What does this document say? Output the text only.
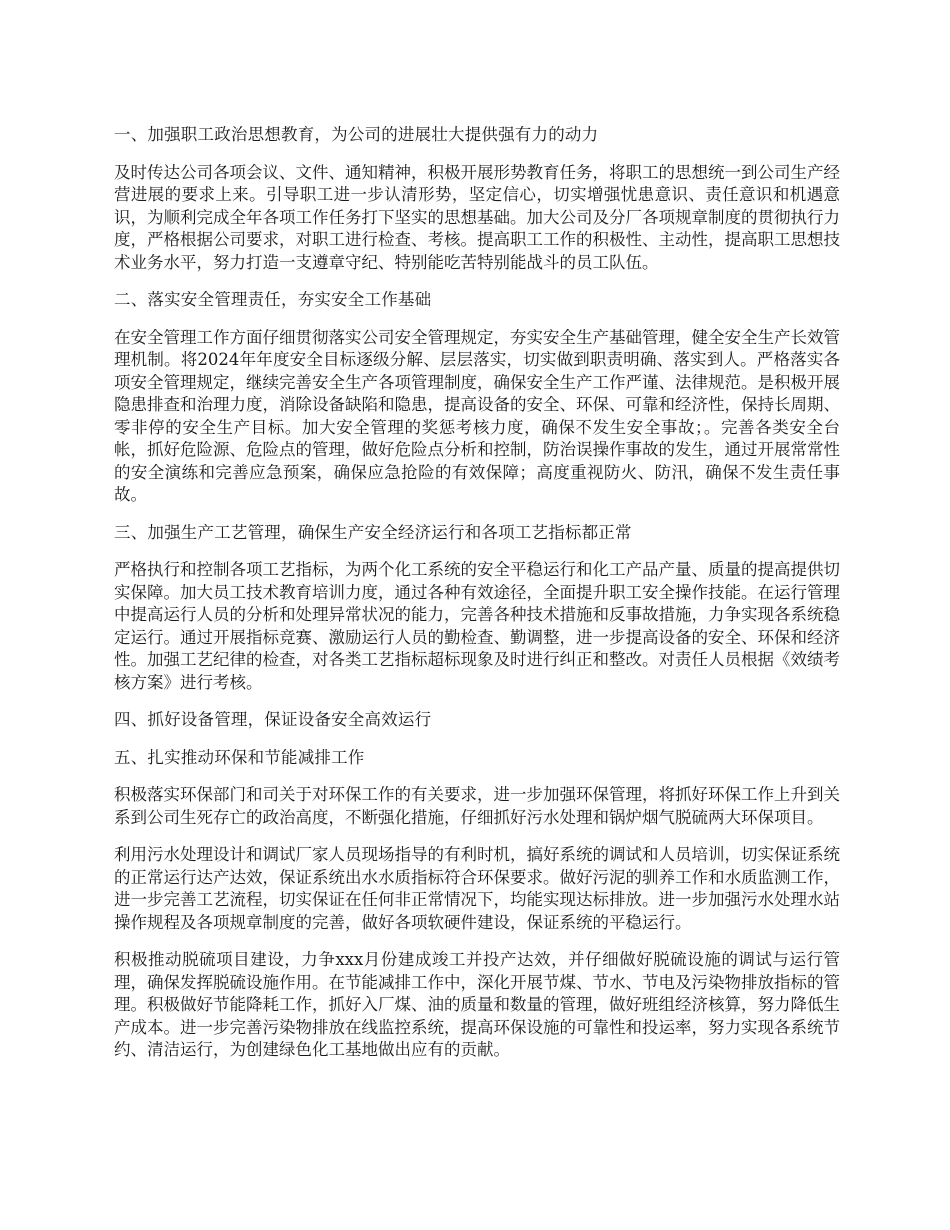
一、加强职工政治思想教育，为公司的进展壮大提供强有力的动力

及时传达公司各项会议、文件、通知精神，积极开展形势教育任务，将职工的思想统一到公司生产经营进展的要求上来。引导职工进一步认清形势，坚定信心，切实增强忧患意识、责任意识和机遇意识，为顺利完成全年各项工作任务打下坚实的思想基础。加大公司及分厂各项规章制度的贯彻执行力度，严格根据公司要求，对职工进行检查、考核。提高职工工作的积极性、主动性，提高职工思想技术业务水平，努力打造一支遵章守纪、特别能吃苦特别能战斗的员工队伍。

二、落实安全管理责任，夯实安全工作基础

在安全管理工作方面仔细贯彻落实公司安全管理规定，夯实安全生产基础管理，健全安全生产长效管理机制。将2024年年度安全目标逐级分解、层层落实，切实做到职责明确、落实到人。严格落实各项安全管理规定，继续完善安全生产各项管理制度，确保安全生产工作严谨、法律规范。是积极开展隐患排查和治理力度，消除设备缺陷和隐患，提高设备的安全、环保、可靠和经济性，保持长周期、零非停的安全生产目标。加大安全管理的奖惩考核力度，确保不发生安全事故；。完善各类安全台帐，抓好危险源、危险点的管理，做好危险点分析和控制，防治误操作事故的发生，通过开展常常性的安全演练和完善应急预案，确保应急抢险的有效保障；高度重视防火、防汛，确保不发生责任事故。

三、加强生产工艺管理，确保生产安全经济运行和各项工艺指标都正常

严格执行和控制各项工艺指标，为两个化工系统的安全平稳运行和化工产品产量、质量的提高提供切实保障。加大员工技术教育培训力度，通过各种有效途径，全面提升职工安全操作技能。在运行管理中提高运行人员的分析和处理异常状况的能力，完善各种技术措施和反事故措施，力争实现各系统稳定运行。通过开展指标竞赛、激励运行人员的勤检查、勤调整，进一步提高设备的安全、环保和经济性。加强工艺纪律的检查，对各类工艺指标超标现象及时进行纠正和整改。对责任人员根据《效绩考核方案》进行考核。

四、抓好设备管理，保证设备安全高效运行

五、扎实推动环保和节能减排工作

积极落实环保部门和司关于对环保工作的有关要求，进一步加强环保管理，将抓好环保工作上升到关系到公司生死存亡的政治高度，不断强化措施，仔细抓好污水处理和锅炉烟气脱硫两大环保项目。

利用污水处理设计和调试厂家人员现场指导的有利时机，搞好系统的调试和人员培训，切实保证系统的正常运行达产达效，保证系统出水水质指标符合环保要求。做好污泥的驯养工作和水质监测工作，进一步完善工艺流程，切实保证在任何非正常情况下，均能实现达标排放。进一步加强污水处理水站操作规程及各项规章制度的完善，做好各项软硬件建设，保证系统的平稳运行。

积极推动脱硫项目建设，力争xxx月份建成竣工并投产达效，并仔细做好脱硫设施的调试与运行管理，确保发挥脱硫设施作用。在节能减排工作中，深化开展节煤、节水、节电及污染物排放指标的管理。积极做好节能降耗工作，抓好入厂煤、油的质量和数量的管理，做好班组经济核算，努力降低生产成本。进一步完善污染物排放在线监控系统，提高环保设施的可靠性和投运率，努力实现各系统节约、清洁运行，为创建绿色化工基地做出应有的贡献。
